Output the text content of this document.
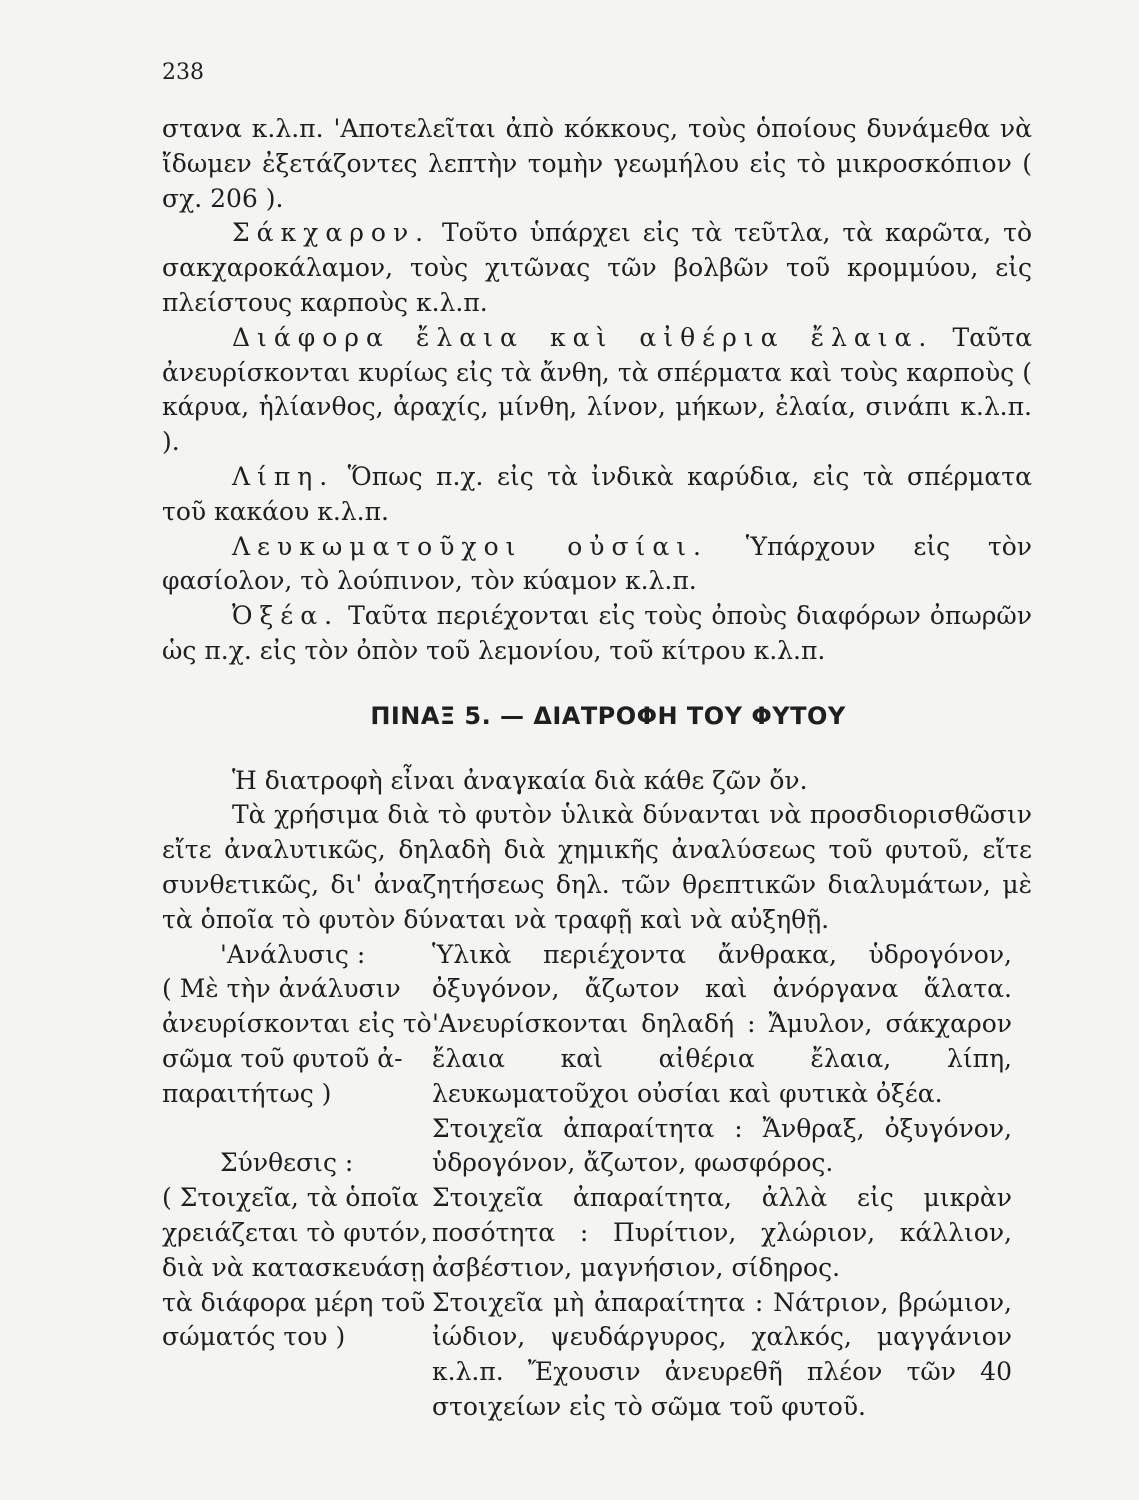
238

στανα κ.λ.π. 'Αποτελεῖται ἀπὸ κόκκους, τοὺς ὁποίους δυνάμεθα νὰ ἴδωμεν ἐξετάζοντες λεπτὴν τομὴν γεωμήλου εἰς τὸ μικροσκόπιον ( σχ. 206 ).

Σάκχαρον. Τοῦτο ὑπάρχει εἰς τὰ τεῦτλα, τὰ καρῶτα, τὸ σακχαροκάλαμον, τοὺς χιτῶνας τῶν βολβῶν τοῦ κρομμύου, εἰς πλείστους καρποὺς κ.λ.π.

Διάφορα ἔλαια καὶ αἰθέρια ἔλαια. Ταῦτα ἀνευρίσκονται κυρίως εἰς τὰ ἄνθη, τὰ σπέρματα καὶ τοὺς καρποὺς ( κάρυα, ἡλίανθος, ἀραχίς, μίνθη, λίνον, μήκων, ἐλαία, σινάπι κ.λ.π. ).

Λίπη. Ὅπως π.χ. εἰς τὰ ἰνδικὰ καρύδια, εἰς τὰ σπέρματα τοῦ κακάου κ.λ.π.

Λευκωματοῦχοι οὐσίαι. Ὑπάρχουν εἰς τὸν φασίολον, τὸ λούπινον, τὸν κύαμον κ.λ.π.

Ὀξέα. Ταῦτα περιέχονται εἰς τοὺς ὀποὺς διαφόρων ὀπωρῶν ὡς π.χ. εἰς τὸν ὀπὸν τοῦ λεμονίου, τοῦ κίτρου κ.λ.π.

ΠΙΝΑΞ 5. — ΔΙΑΤΡΟΦΗ ΤΟΥ ΦΥΤΟΥ

Ἡ διατροφὴ εἶναι ἀναγκαία διὰ κάθε ζῶν ὄν.

Τὰ χρήσιμα διὰ τὸ φυτὸν ὑλικὰ δύνανται νὰ προσδιορισθῶσιν εἴτε ἀναλυτικῶς, δηλαδὴ διὰ χημικῆς ἀναλύσεως τοῦ φυτοῦ, εἴτε συνθετικῶς, δι' ἀναζητήσεως δηλ. τῶν θρεπτικῶν διαλυμάτων, μὲ τὰ ὁποῖα τὸ φυτὸν δύναται νὰ τραφῇ καὶ νὰ αὐξηθῇ.

'Ανάλυσις :
( Μὲ τὴν ἀνάλυσιν
ἀνευρίσκονται εἰς τὸ
σῶμα τοῦ φυτοῦ ἀ-
παραιτήτως )

Ὑλικὰ περιέχοντα ἄνθρακα, ὑδρογόνον, ὀξυγόνον, ἄζωτον καὶ ἀνόργανα ἅλατα. 'Ανευρίσκονται δηλαδή : Ἄμυλον, σάκχαρον ἔλαια καὶ αἰθέρια ἔλαια, λίπη, λευκωματοῦχοι οὐσίαι καὶ φυτικὰ ὀξέα.

Σύνθεσις :
( Στοιχεῖα, τὰ ὁποῖα
χρειάζεται τὸ φυτόν,
διὰ νὰ κατασκευάσῃ
τὰ διάφορα μέρη τοῦ
σώματός του )

Στοιχεῖα ἀπαραίτητα : Ἄνθραξ, ὀξυγόνον, ὑδρογόνον, ἄζωτον, φωσφόρος.

Στοιχεῖα ἀπαραίτητα, ἀλλὰ εἰς μικρὰν ποσότητα : Πυρίτιον, χλώριον, κάλλιον, ἀσβέστιον, μαγνήσιον, σίδηρος.

Στοιχεῖα μὴ ἀπαραίτητα : Νάτριον, βρώμιον, ἰώδιον, ψευδάργυρος, χαλκός, μαγγάνιον κ.λ.π. Ἔχουσιν ἀνευρεθῆ πλέον τῶν 40 στοιχείων εἰς τὸ σῶμα τοῦ φυτοῦ.
